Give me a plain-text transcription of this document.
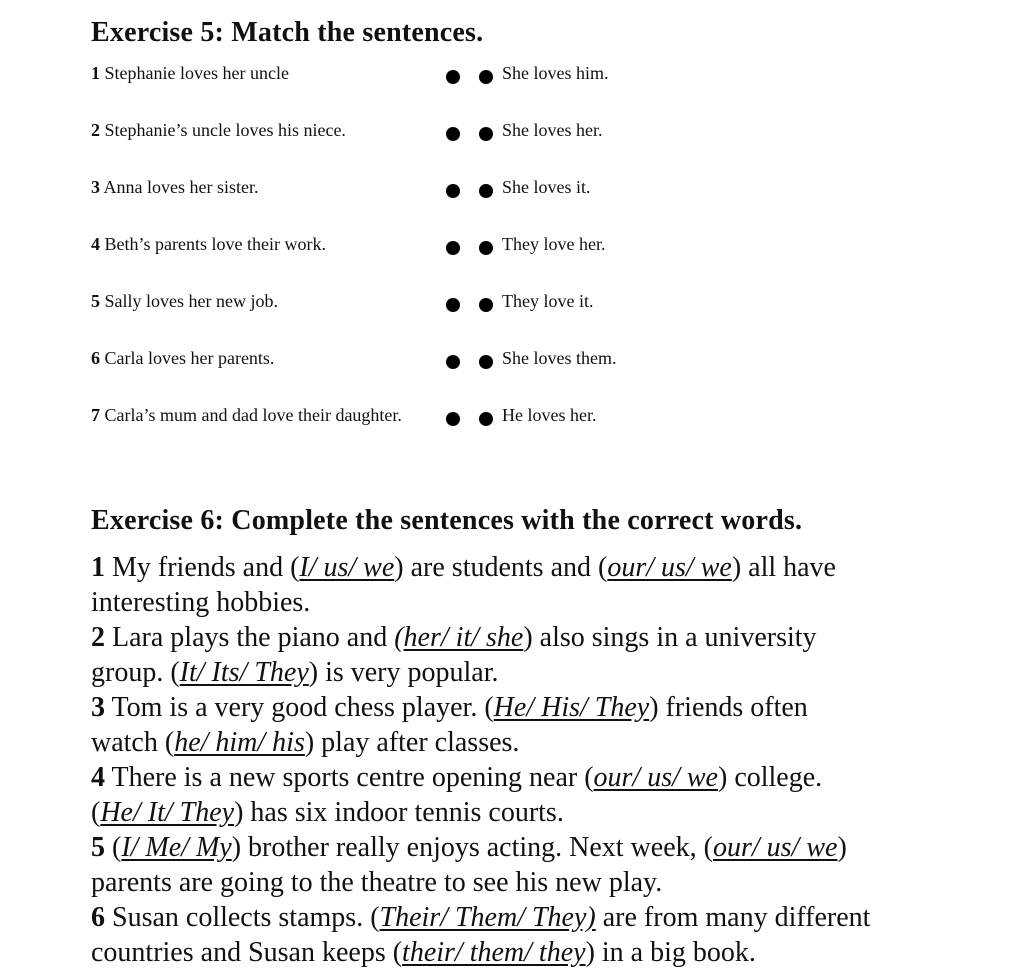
Exercise 5: Match the sentences.
1 Stephanie loves her uncle	She loves him.
2 Stephanie’s uncle loves his niece.	She loves her.
3 Anna loves her sister.	She loves it.
4 Beth’s parents love their work.	They love her.
5 Sally loves her new job.	They love it.
6 Carla loves her parents.	She loves them.
7 Carla’s mum and dad love their daughter.	He loves her.
Exercise 6: Complete the sentences with the correct words.
1 My friends and (I/ us/ we) are students and (our/ us/ we) all have
interesting hobbies.
2 Lara plays the piano and (her/ it/ she) also sings in a university
group. (It/ Its/ They) is very popular.
3 Tom is a very good chess player. (He/ His/ They) friends often
watch (he/ him/ his) play after classes.
4 There is a new sports centre opening near (our/ us/ we) college.
(He/ It/ They) has six indoor tennis courts.
5 (I/ Me/ My) brother really enjoys acting. Next week, (our/ us/ we)
parents are going to the theatre to see his new play.
6 Susan collects stamps. (Their/ Them/ They) are from many different
countries and Susan keeps (their/ them/ they) in a big book.
